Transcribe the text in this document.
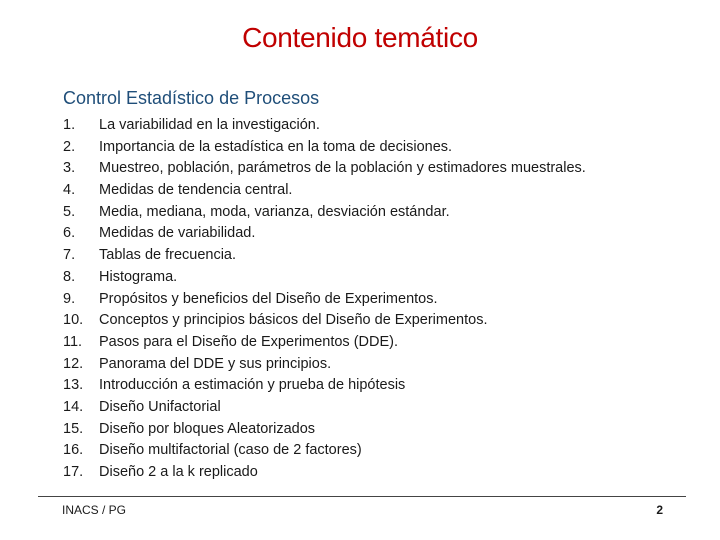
Contenido temático
Control Estadístico de Procesos
1.	La variabilidad en la investigación.
2.	Importancia de la estadística en la toma de decisiones.
3.	Muestreo, población, parámetros de la población y estimadores muestrales.
4.	Medidas de tendencia central.
5.	Media, mediana, moda, varianza, desviación estándar.
6.	Medidas de variabilidad.
7.	Tablas de frecuencia.
8.	Histograma.
9.	Propósitos y beneficios del Diseño de Experimentos.
10.	Conceptos y principios básicos del Diseño de Experimentos.
11.	Pasos para el Diseño de Experimentos (DDE).
12.	Panorama del DDE y sus principios.
13.	Introducción a estimación y prueba de hipótesis
14.	Diseño Unifactorial
15.	Diseño por bloques Aleatorizados
16.	Diseño multifactorial (caso de 2 factores)
17.	Diseño 2 a la k replicado
INACS / PG	2
